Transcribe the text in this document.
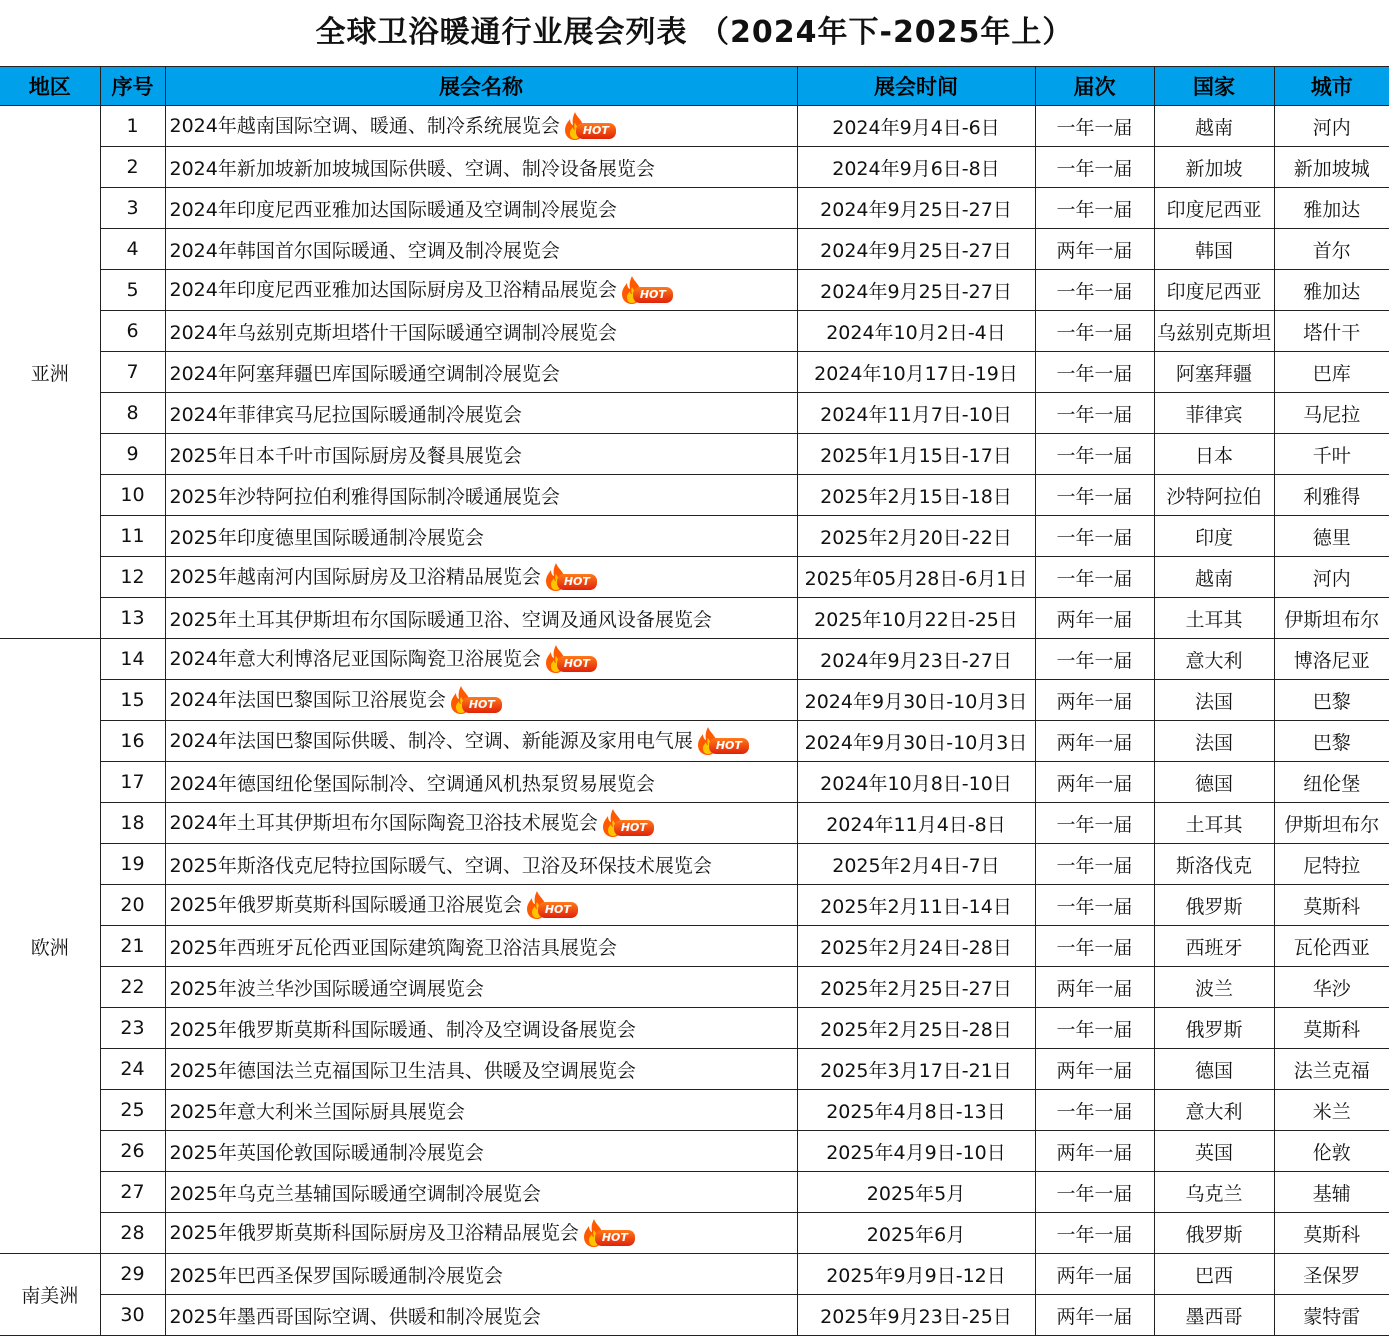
全球卫浴暖通行业展会列表 （2024年下-2025年上）
地区	序号	展会名称	展会时间	届次	国家	城市
亚洲	1	2024年越南国际空调、暖通、制冷系统展览会 HOT	2024年9月4日-6日	一年一届	越南	河内
	2	2024年新加坡新加坡城国际供暖、空调、制冷设备展览会	2024年9月6日-8日	一年一届	新加坡	新加坡城
	3	2024年印度尼西亚雅加达国际暖通及空调制冷展览会	2024年9月25日-27日	一年一届	印度尼西亚	雅加达
	4	2024年韩国首尔国际暖通、空调及制冷展览会	2024年9月25日-27日	两年一届	韩国	首尔
	5	2024年印度尼西亚雅加达国际厨房及卫浴精品展览会 HOT	2024年9月25日-27日	一年一届	印度尼西亚	雅加达
	6	2024年乌兹别克斯坦塔什干国际暖通空调制冷展览会	2024年10月2日-4日	一年一届	乌兹别克斯坦	塔什干
	7	2024年阿塞拜疆巴库国际暖通空调制冷展览会	2024年10月17日-19日	一年一届	阿塞拜疆	巴库
	8	2024年菲律宾马尼拉国际暖通制冷展览会	2024年11月7日-10日	一年一届	菲律宾	马尼拉
	9	2025年日本千叶市国际厨房及餐具展览会	2025年1月15日-17日	一年一届	日本	千叶
	10	2025年沙特阿拉伯利雅得国际制冷暖通展览会	2025年2月15日-18日	一年一届	沙特阿拉伯	利雅得
	11	2025年印度德里国际暖通制冷展览会	2025年2月20日-22日	一年一届	印度	德里
	12	2025年越南河内国际厨房及卫浴精品展览会 HOT	2025年05月28日-6月1日	一年一届	越南	河内
	13	2025年土耳其伊斯坦布尔国际暖通卫浴、空调及通风设备展览会	2025年10月22日-25日	两年一届	土耳其	伊斯坦布尔
欧洲	14	2024年意大利博洛尼亚国际陶瓷卫浴展览会 HOT	2024年9月23日-27日	一年一届	意大利	博洛尼亚
	15	2024年法国巴黎国际卫浴展览会 HOT	2024年9月30日-10月3日	两年一届	法国	巴黎
	16	2024年法国巴黎国际供暖、制冷、空调、新能源及家用电气展 HOT	2024年9月30日-10月3日	两年一届	法国	巴黎
	17	2024年德国纽伦堡国际制冷、空调通风机热泵贸易展览会	2024年10月8日-10日	两年一届	德国	纽伦堡
	18	2024年土耳其伊斯坦布尔国际陶瓷卫浴技术展览会 HOT	2024年11月4日-8日	一年一届	土耳其	伊斯坦布尔
	19	2025年斯洛伐克尼特拉国际暖气、空调、卫浴及环保技术展览会	2025年2月4日-7日	一年一届	斯洛伐克	尼特拉
	20	2025年俄罗斯莫斯科国际暖通卫浴展览会 HOT	2025年2月11日-14日	一年一届	俄罗斯	莫斯科
	21	2025年西班牙瓦伦西亚国际建筑陶瓷卫浴洁具展览会	2025年2月24日-28日	一年一届	西班牙	瓦伦西亚
	22	2025年波兰华沙国际暖通空调展览会	2025年2月25日-27日	两年一届	波兰	华沙
	23	2025年俄罗斯莫斯科国际暖通、制冷及空调设备展览会	2025年2月25日-28日	一年一届	俄罗斯	莫斯科
	24	2025年德国法兰克福国际卫生洁具、供暖及空调展览会	2025年3月17日-21日	两年一届	德国	法兰克福
	25	2025年意大利米兰国际厨具展览会	2025年4月8日-13日	一年一届	意大利	米兰
	26	2025年英国伦敦国际暖通制冷展览会	2025年4月9日-10日	两年一届	英国	伦敦
	27	2025年乌克兰基辅国际暖通空调制冷展览会	2025年5月	一年一届	乌克兰	基辅
	28	2025年俄罗斯莫斯科国际厨房及卫浴精品展览会 HOT	2025年6月	一年一届	俄罗斯	莫斯科
南美洲	29	2025年巴西圣保罗国际暖通制冷展览会	2025年9月9日-12日	两年一届	巴西	圣保罗
	30	2025年墨西哥国际空调、供暖和制冷展览会	2025年9月23日-25日	两年一届	墨西哥	蒙特雷
